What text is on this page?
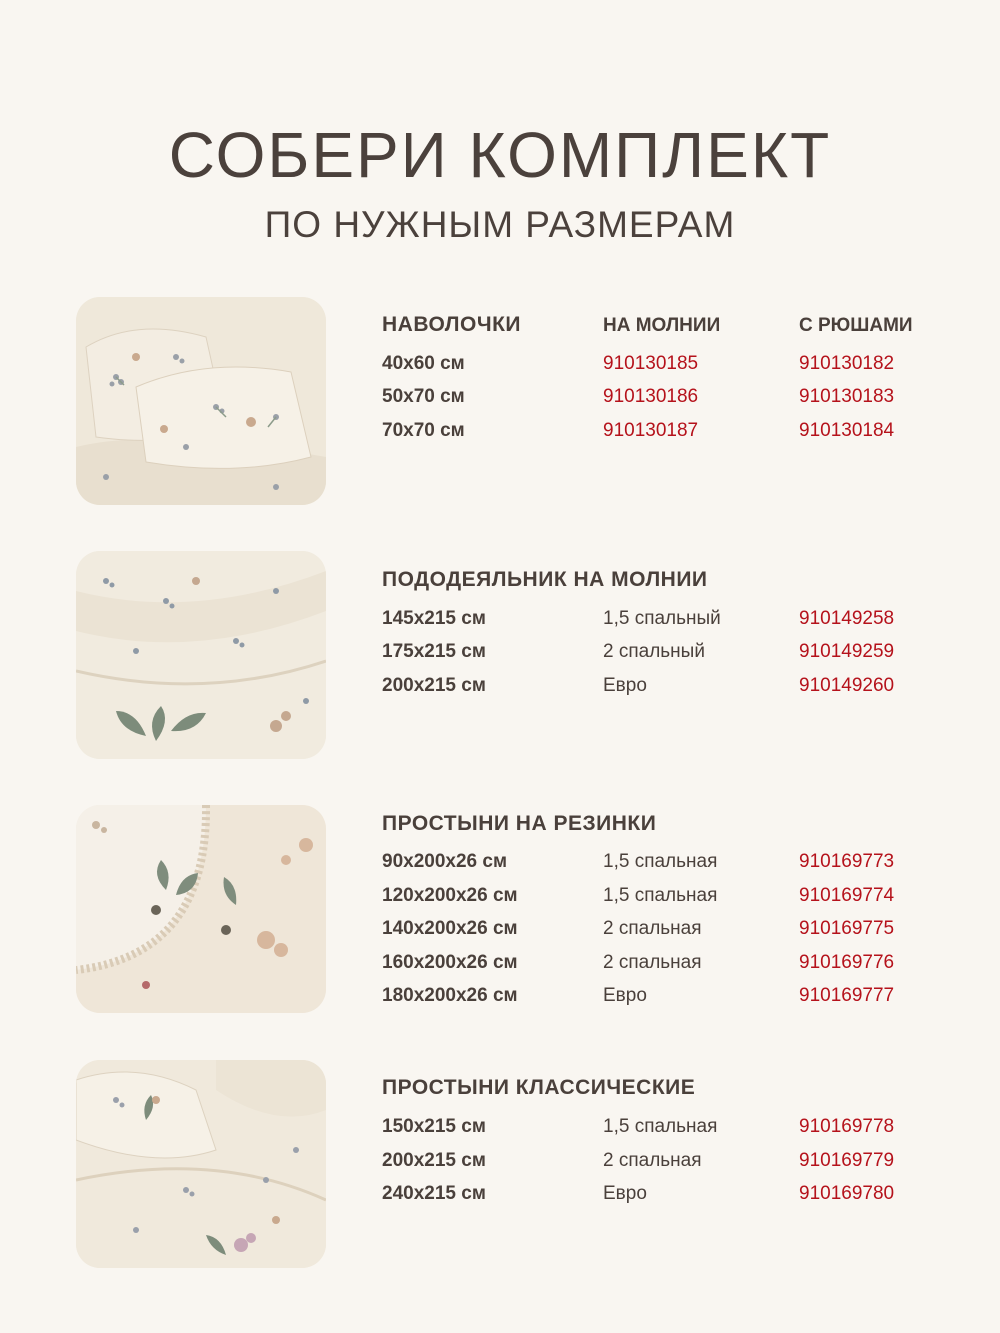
СОБЕРИ КОМПЛЕКТ
ПО НУЖНЫМ РАЗМЕРАМ
НАВОЛОЧКИ	НА МОЛНИИ	С РЮШАМИ
40х60 см	910130185	910130182
50х70 см	910130186	910130183
70х70 см	910130187	910130184
ПОДОДЕЯЛЬНИК НА МОЛНИИ
145х215 см	1,5 спальный	910149258
175х215 см	2 спальный	910149259
200х215 см	Евро	910149260
ПРОСТЫНИ НА РЕЗИНКИ
90х200х26 см	1,5 спальная	910169773
120х200х26 см	1,5 спальная	910169774
140х200х26 см	2 спальная	910169775
160х200х26 см	2 спальная	910169776
180х200х26 см	Евро	910169777
ПРОСТЫНИ КЛАССИЧЕСКИЕ
150х215 см	1,5 спальная	910169778
200х215 см	2 спальная	910169779
240х215 см	Евро	910169780
